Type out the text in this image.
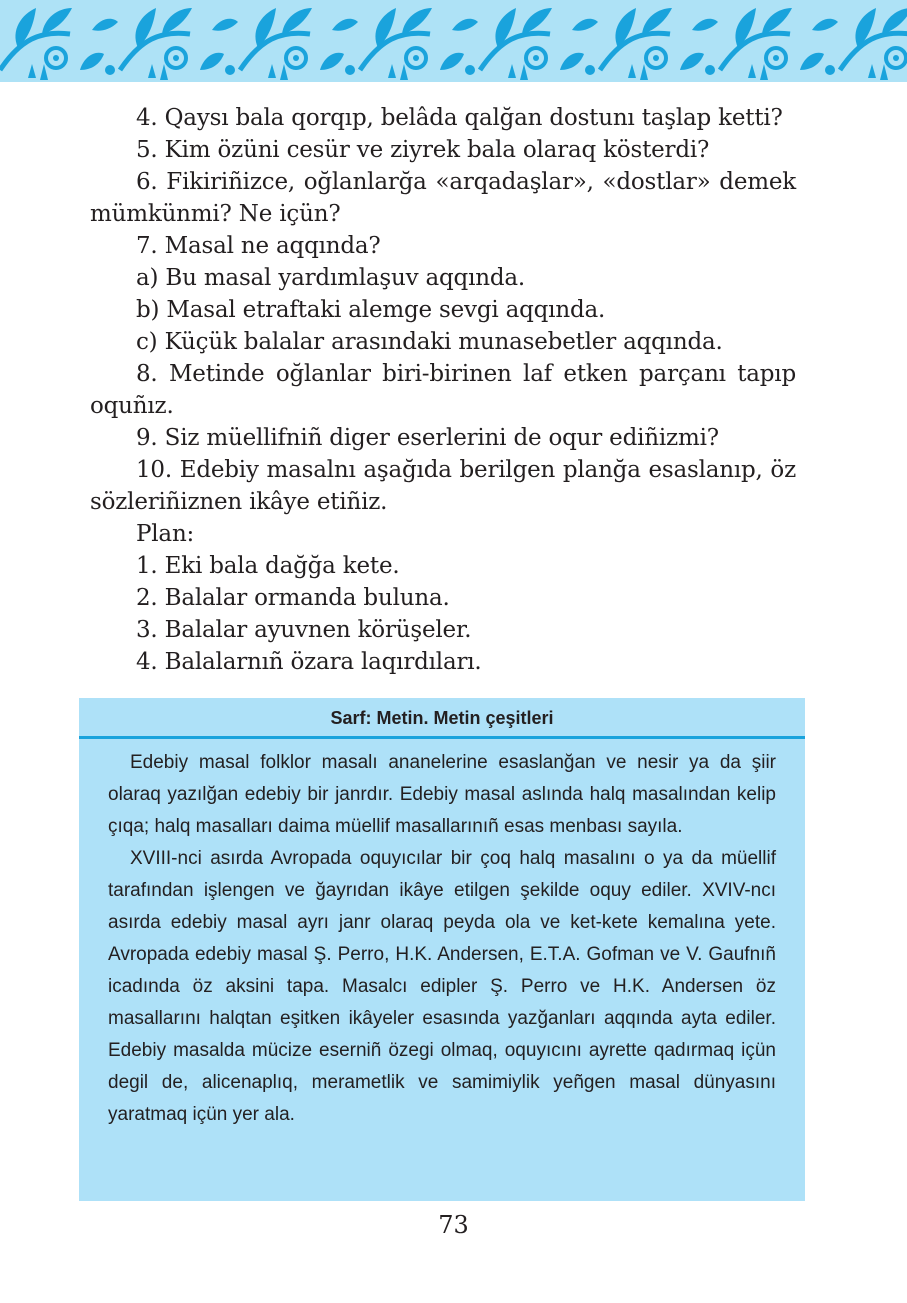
4. Qaysı bala qorqıp, belâda qalğan dostunı taşlap ketti?

5. Kim özüni cesür ve ziyrek bala olaraq kösterdi?

6. Fikiriñizce, oğlanlarğa «arqadaşlar», «dostlar» demek mümkünmi? Ne içün?

7. Masal ne aqqında?

a) Bu masal yardımlaşuv aqqında.

b) Masal etraftaki alemge sevgi aqqında.

c) Küçük balalar arasındaki munasebetler aqqında.

8. Metinde oğlanlar biri-birinen laf etken parçanı tapıp oquñız.

9. Siz müellifniñ diger eserlerini de oqur ediñizmi?

10. Edebiy masalnı aşağıda berilgen planğa esaslanıp, öz sözleriñiznen ikâye etiñiz.

Plan:

1. Eki bala dağğa kete.

2. Balalar ormanda buluna.

3. Balalar ayuvnen körüşeler.

4. Balalarnıñ özara laqırdıları.

Sarf: Metin. Metin çeşitleri

Edebiy masal folklor masalı ananelerine esaslanğan ve nesir ya da şiir olaraq yazılğan edebiy bir janrdır. Edebiy masal aslında halq masalından kelip çıqa; halq masalları daima müellif masallarınıñ esas menbası sayıla.

XVIII-nci asırda Avropada oquyıcılar bir çoq halq masalını o ya da müellif tarafından işlengen ve ğayrıdan ikâye etilgen şekilde oquy ediler. XVIV-ncı asırda edebiy masal ayrı janr olaraq peyda ola ve ket-kete kemalına yete. Avropada edebiy masal Ş. Perro, H.K. Andersen, E.T.A. Gofman ve V. Gaufnıñ icadında öz aksini tapa. Masalcı edipler Ş. Perro ve H.K. Andersen öz masallarını halqtan eşitken ikâyeler esasında yazğanları aqqında ayta ediler. Edebiy masalda mücize eserniñ özegi olmaq, oquyıcını ayrette qadırmaq içün degil de, alicenaplıq, merametlik ve samimiylik yeñgen masal dünyasını yaratmaq içün yer ala.

73
